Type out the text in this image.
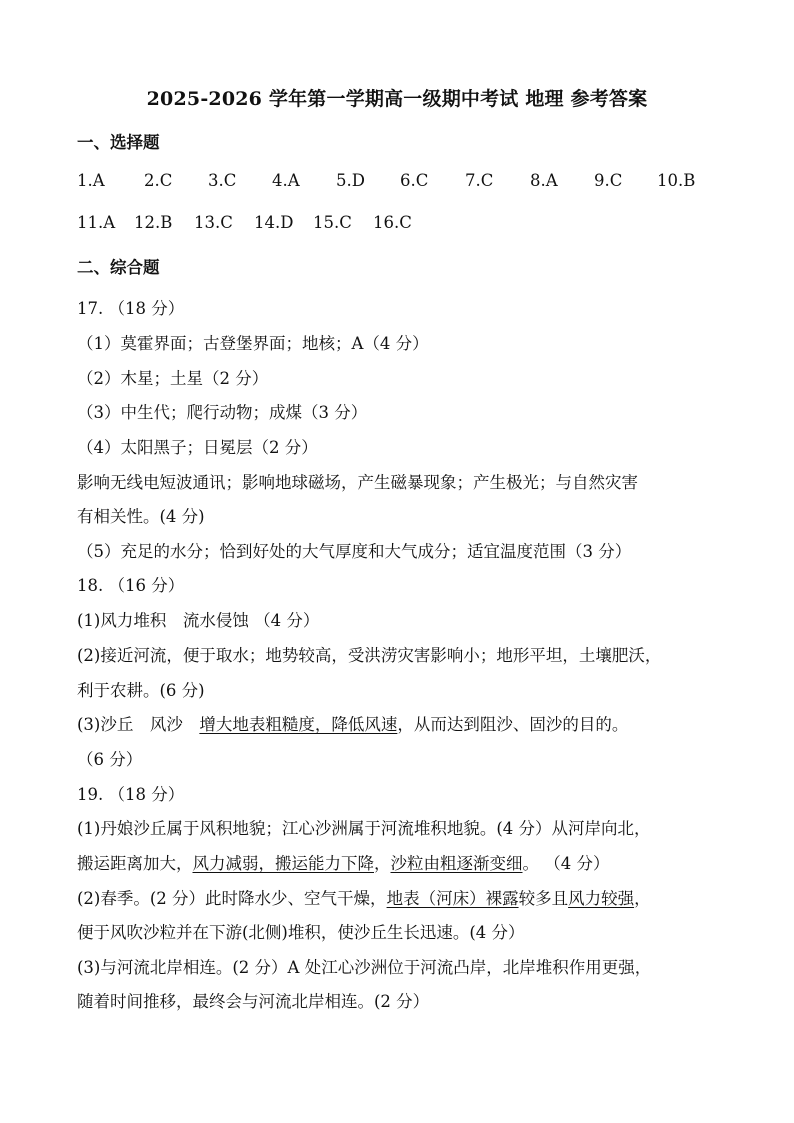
2025-2026 学年第一学期高一级期中考试 地理 参考答案
一、选择题
1.A 2.C 3.C 4.A 5.D 6.C 7.C 8.A 9.C 10.B
11.A 12.B 13.C 14.D 15.C 16.C
二、综合题
17. （18 分）
（1）莫霍界面；古登堡界面；地核；A（4 分）
（2）木星；土星（2 分）
（3）中生代；爬行动物；成煤（3 分）
（4）太阳黑子；日冕层（2 分）
影响无线电短波通讯；影响地球磁场，产生磁暴现象；产生极光；与自然灾害
有相关性。(4 分)
（5）充足的水分；恰到好处的大气厚度和大气成分；适宜温度范围（3 分）
18. （16 分）
(1)风力堆积　流水侵蚀 （4 分）
(2)接近河流，便于取水；地势较高，受洪涝灾害影响小；地形平坦，土壤肥沃，
利于农耕。(6 分)
(3)沙丘　风沙　增大地表粗糙度，降低风速，从而达到阻沙、固沙的目的。
（6 分）
19. （18 分）
(1)丹娘沙丘属于风积地貌；江心沙洲属于河流堆积地貌。(4 分）从河岸向北，
搬运距离加大，风力减弱，搬运能力下降，沙粒由粗逐渐变细。 （4 分）
(2)春季。(2 分）此时降水少、空气干燥，地表（河床）裸露较多且风力较强，
便于风吹沙粒并在下游(北侧)堆积，使沙丘生长迅速。(4 分）
(3)与河流北岸相连。(2 分）A 处江心沙洲位于河流凸岸，北岸堆积作用更强，
随着时间推移，最终会与河流北岸相连。(2 分）
